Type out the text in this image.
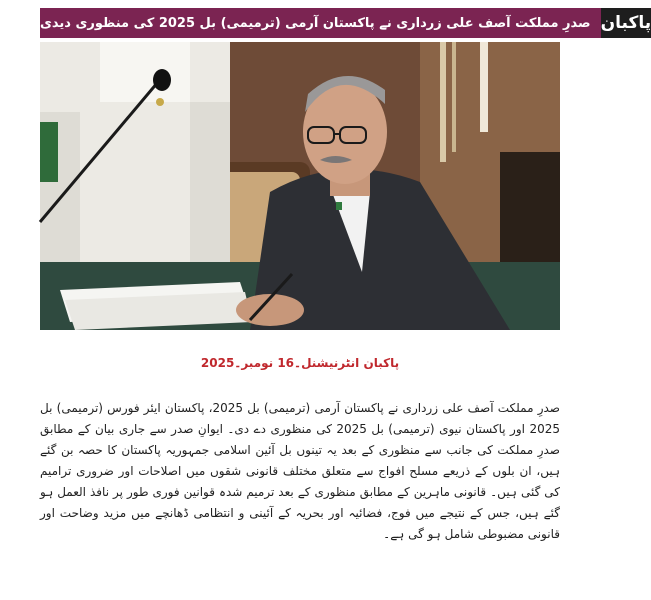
صدرِ مملکت آصف علی زرداری نے پاکستان آرمی (ترمیمی) بل 2025 کی منظوری دیدی پاکبان
پاکبان انٹرنیشنل۔16 نومبر۔2025
صدرِ مملکت آصف علی زرداری نے پاکستان آرمی (ترمیمی) بل 2025، پاکستان ایئر فورس (ترمیمی) بل 2025 اور پاکستان نیوی (ترمیمی) بل 2025 کی منظوری دے دی۔ ایوانِ صدر سے جاری بیان کے مطابق صدرِ مملکت کی جانب سے منظوری کے بعد یہ تینوں بل آئین اسلامی جمہوریہ پاکستان کا حصہ بن گئے ہیں، ان بلوں کے ذریعے مسلح افواج سے متعلق مختلف قانونی شقوں میں اصلاحات اور ضروری ترامیم کی گئی ہیں۔ قانونی ماہرین کے مطابق منظوری کے بعد ترمیم شدہ قوانین فوری طور پر نافذ العمل ہو گئے ہیں، جس کے نتیجے میں فوج، فضائیہ اور بحریہ کے آئینی و انتظامی ڈھانچے میں مزید وضاحت اور قانونی مضبوطی شامل ہو گی ہے۔
